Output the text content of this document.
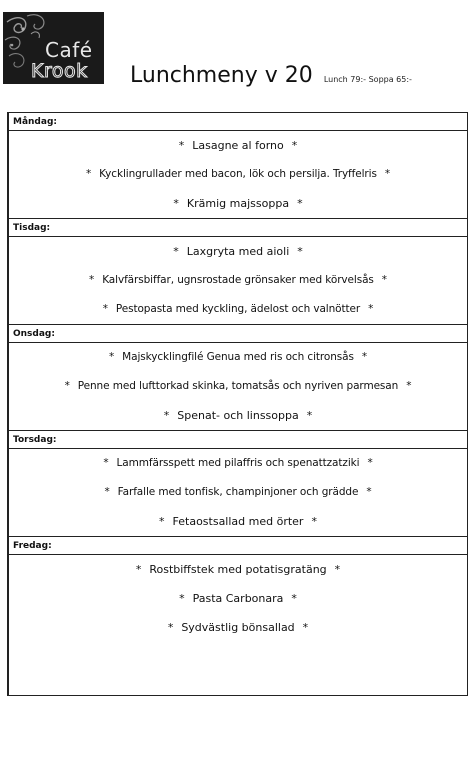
Café
Krook Lunchmeny v 20 Lunch 79:- Soppa 65:-
Måndag:
* Lasagne al forno *
* Kycklingrullader med bacon, lök och persilja. Tryffelris *
* Krämig majssoppa *
Tisdag:
* Laxgryta med aioli *
* Kalvfärsbiffar, ugnsrostade grönsaker med körvelsås *
* Pestopasta med kyckling, ädelost och valnötter *
Onsdag:
* Majskycklingfilé Genua med ris och citronsås *
* Penne med lufttorkad skinka, tomatsås och nyriven parmesan *
* Spenat- och linssoppa *
Torsdag:
* Lammfärsspett med pilaffris och spenattzatziki *
* Farfalle med tonfisk, champinjoner och grädde *
* Fetaostsallad med örter *
Fredag:
* Rostbiffstek med potatisgratäng *
* Pasta Carbonara *
* Sydvästlig bönsallad *
